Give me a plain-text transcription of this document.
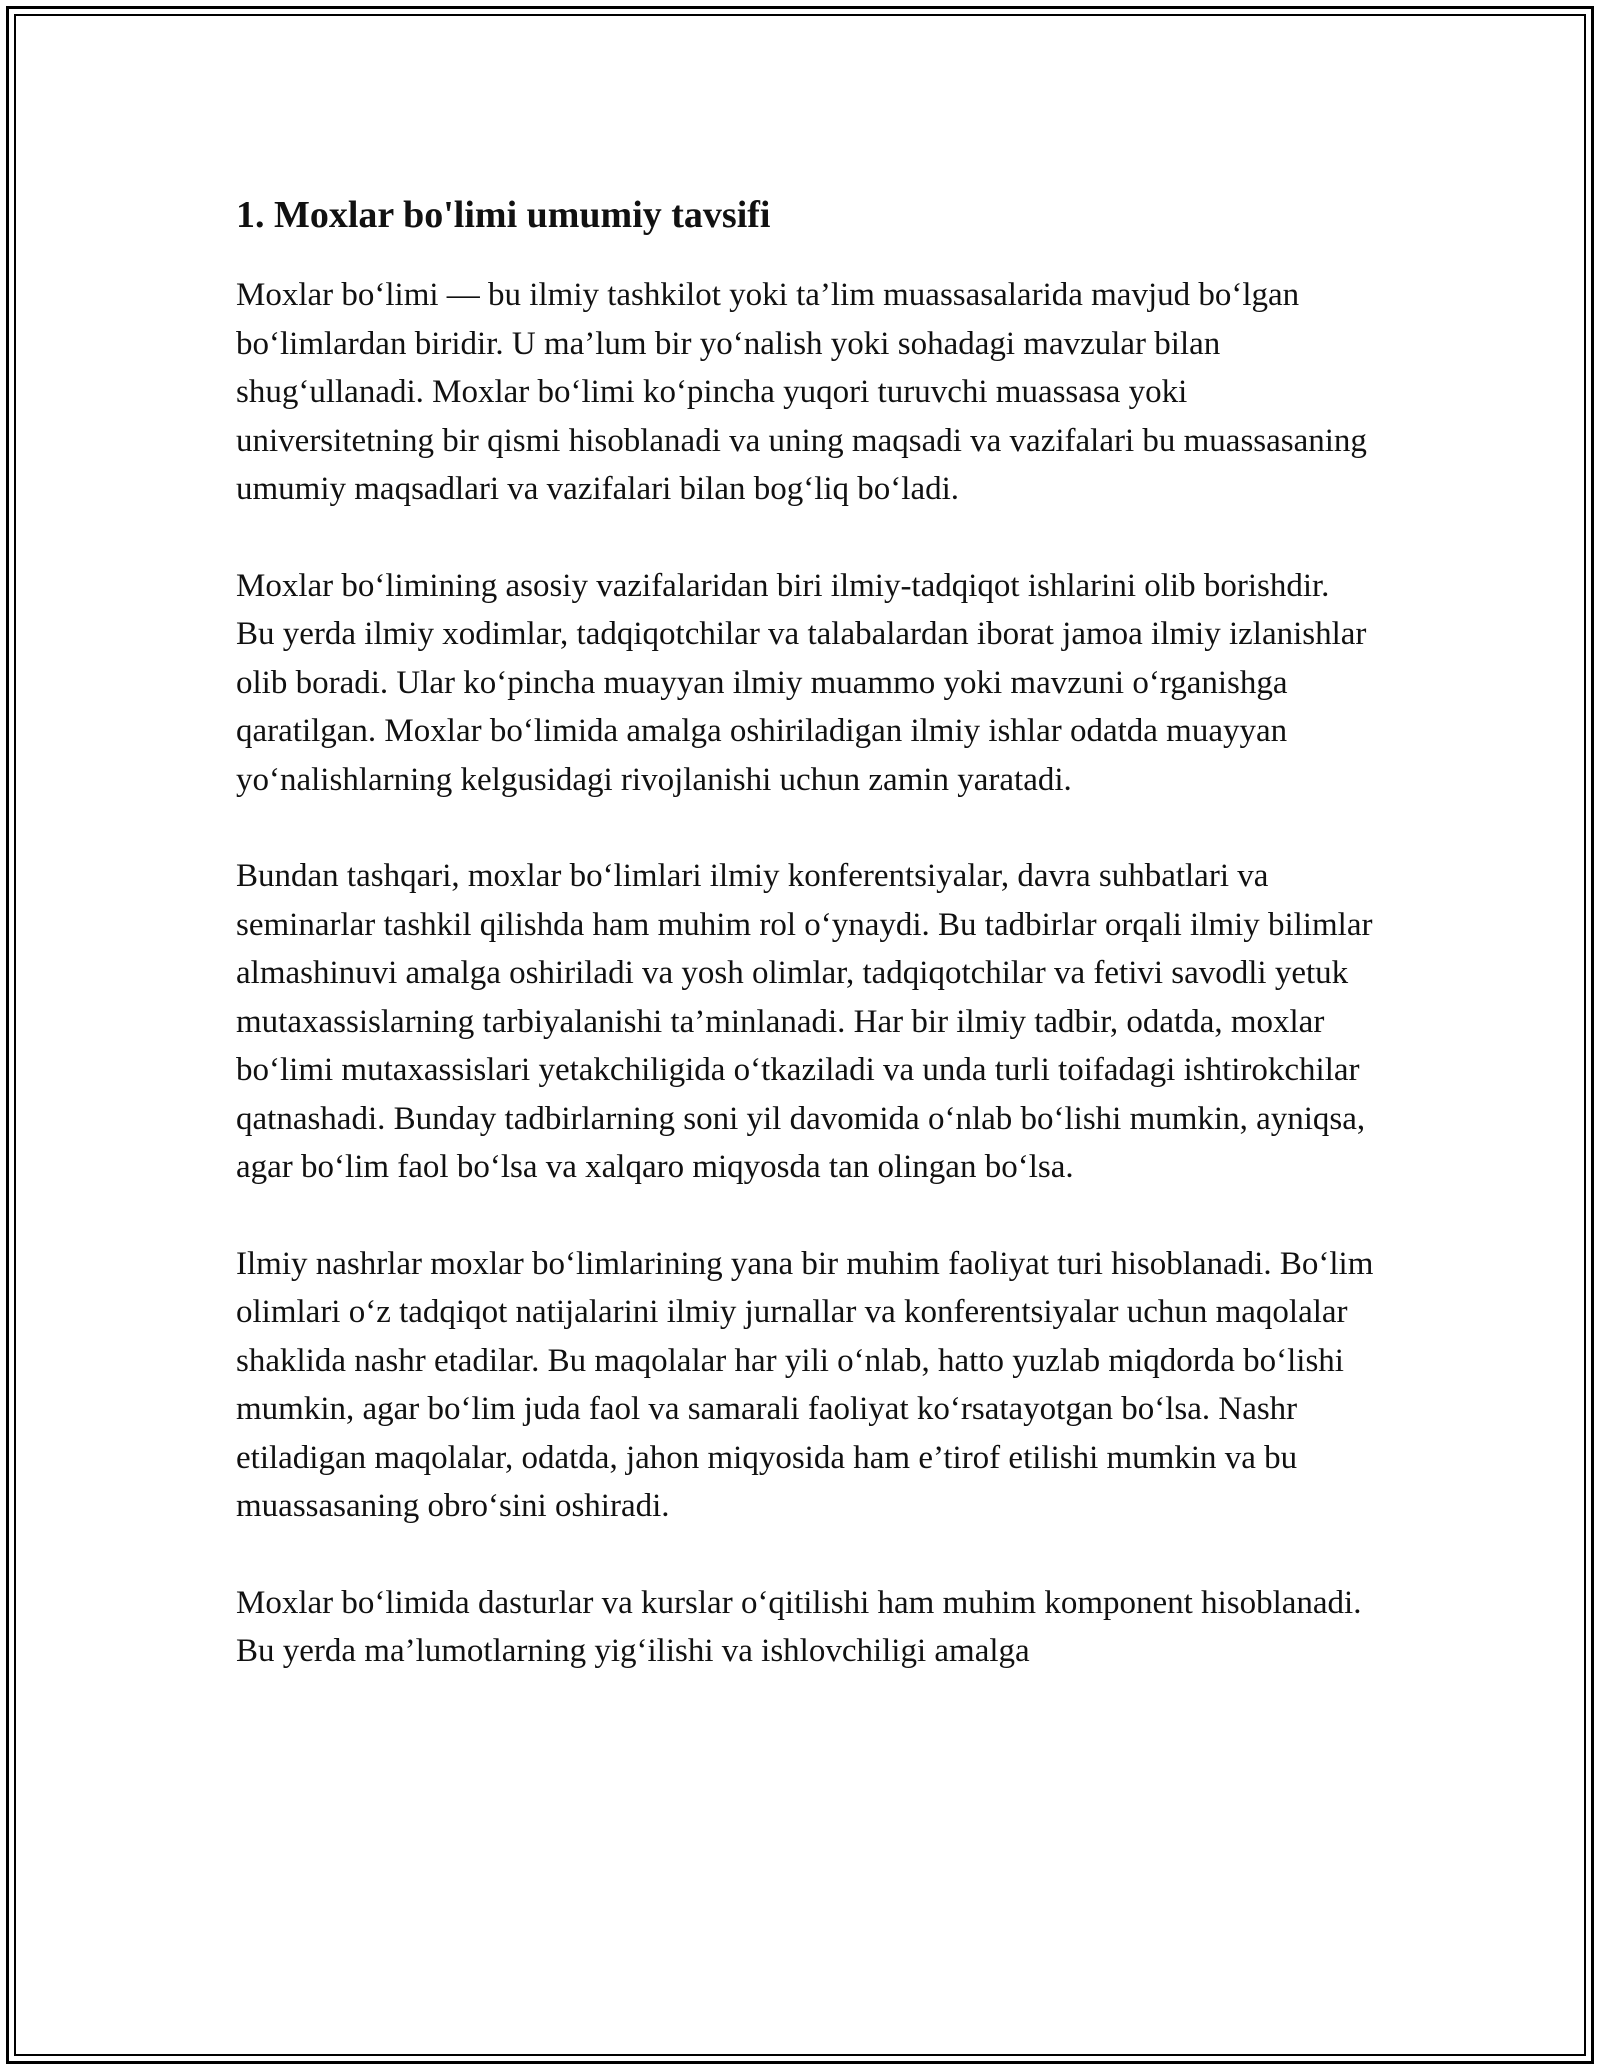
1. Moxlar bo'limi umumiy tavsifi

Moxlar bo‘limi — bu ilmiy tashkilot yoki ta’lim muassasalarida mavjud bo‘lgan bo‘limlardan biridir. U ma’lum bir yo‘nalish yoki sohadagi mavzular bilan shug‘ullanadi. Moxlar bo‘limi ko‘pincha yuqori turuvchi muassasa yoki universitetning bir qismi hisoblanadi va uning maqsadi va vazifalari bu muassasaning umumiy maqsadlari va vazifalari bilan bog‘liq bo‘ladi.

Moxlar bo‘limining asosiy vazifalaridan biri ilmiy-tadqiqot ishlarini olib borishdir. Bu yerda ilmiy xodimlar, tadqiqotchilar va talabalardan iborat jamoa ilmiy izlanishlar olib boradi. Ular ko‘pincha muayyan ilmiy muammo yoki mavzuni o‘rganishga qaratilgan. Moxlar bo‘limida amalga oshiriladigan ilmiy ishlar odatda muayyan yo‘nalishlarning kelgusidagi rivojlanishi uchun zamin yaratadi.

Bundan tashqari, moxlar bo‘limlari ilmiy konferentsiyalar, davra suhbatlari va seminarlar tashkil qilishda ham muhim rol o‘ynaydi. Bu tadbirlar orqali ilmiy bilimlar almashinuvi amalga oshiriladi va yosh olimlar, tadqiqotchilar va fetivi savodli yetuk mutaxassislarning tarbiyalanishi ta’minlanadi. Har bir ilmiy tadbir, odatda, moxlar bo‘limi mutaxassislari yetakchiligida o‘tkaziladi va unda turli toifadagi ishtirokchilar qatnashadi. Bunday tadbirlarning soni yil davomida o‘nlab bo‘lishi mumkin, ayniqsa, agar bo‘lim faol bo‘lsa va xalqaro miqyosda tan olingan bo‘lsa.

Ilmiy nashrlar moxlar bo‘limlarining yana bir muhim faoliyat turi hisoblanadi. Bo‘lim olimlari o‘z tadqiqot natijalarini ilmiy jurnallar va konferentsiyalar uchun maqolalar shaklida nashr etadilar. Bu maqolalar har yili o‘nlab, hatto yuzlab miqdorda bo‘lishi mumkin, agar bo‘lim juda faol va samarali faoliyat ko‘rsatayotgan bo‘lsa. Nashr etiladigan maqolalar, odatda, jahon miqyosida ham e’tirof etilishi mumkin va bu muassasaning obro‘sini oshiradi.

Moxlar bo‘limida dasturlar va kurslar o‘qitilishi ham muhim komponent hisoblanadi. Bu yerda ma’lumotlarning yig‘ilishi va ishlovchiligi amalga
